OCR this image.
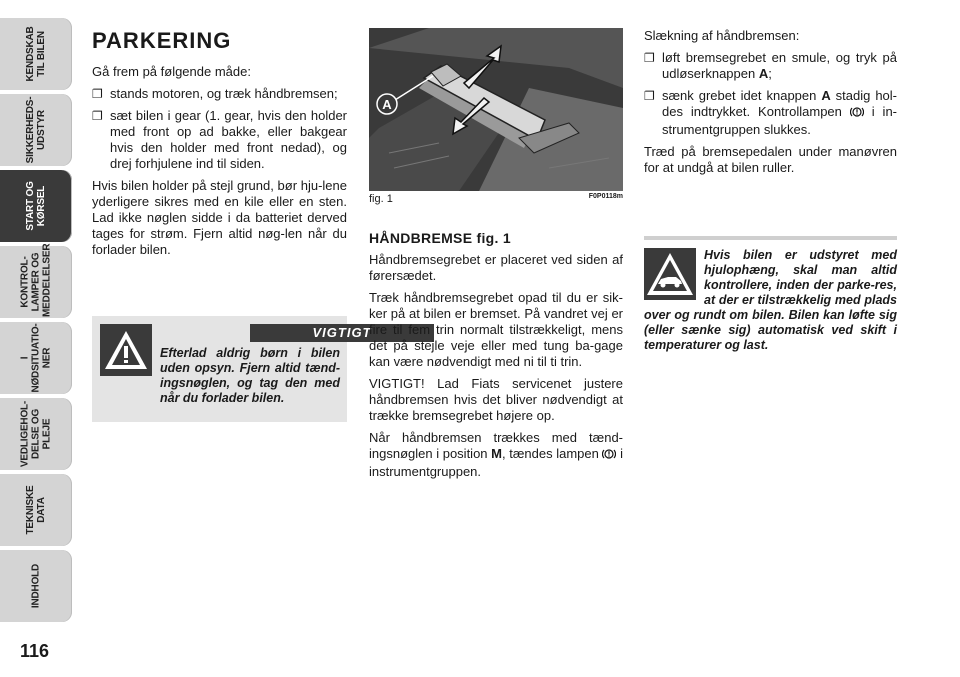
KENDSKAB
TIL BILEN
SIKKERHEDS-
UDSTYR
START OG
KØRSEL
KONTROL-
LAMPER OG
MEDDELELSER
I
NØDSITUATIO-
NER
VEDLIGEHOL-
DELSE OG PLEJE
TEKNISKE
DATA
INDHOLD
116
PARKERING

Gå frem på følgende måde:

❐ stands motoren, og træk håndbremsen;
❐ sæt bilen i gear (1. gear, hvis den holder med front op ad bakke, eller bakgear hvis den holder med front nedad), og drej forhjulene ind til siden.

Hvis bilen holder på stejl grund, bør hju-lene yderligere sikres med en kile eller en sten. Lad ikke nøglen sidde i da batteriet derved tages for strøm. Fjern altid nøg-len når du forlader bilen.

VIGTIGT
Efterlad aldrig børn i bilen uden opsyn. Fjern altid tænd-ingsnøglen, og tag den med når du forlader bilen.
A
fig. 1	F0P0118m
HÅNDBREMSE fig. 1

Håndbremsegrebet er placeret ved siden af førersædet.

Træk håndbremsegrebet opad til du er sik-ker på at bilen er bremset. På vandret vej er fire til fem trin normalt tilstrækkeligt, mens det på stejle veje eller med tung ba-gage kan være nødvendigt med ni til ti trin.

VIGTIGT! Lad Fiats servicenet justere håndbremsen hvis det bliver nødvendigt at trække bremsegrebet højere op.

Når håndbremsen trækkes med tænd-ingsnøglen i position M, tændes lampen  i instrumentgruppen.

Slækning af håndbremsen:

❐ løft bremsegrebet en smule, og tryk på udløserknappen A;
❐ sænk grebet idet knappen A stadig hol-des indtrykket. Kontrollampen  i in-strumentgruppen slukkes.

Træd på bremsepedalen under manøvren for at undgå at bilen ruller.

Hvis bilen er udstyret med hjulophæng, skal man altid kontrollere, inden der parke-res, at der er tilstrækkelig med plads over og rundt om bilen. Bilen kan løfte sig (eller sænke sig) automatisk ved skift i temperaturer og last.
